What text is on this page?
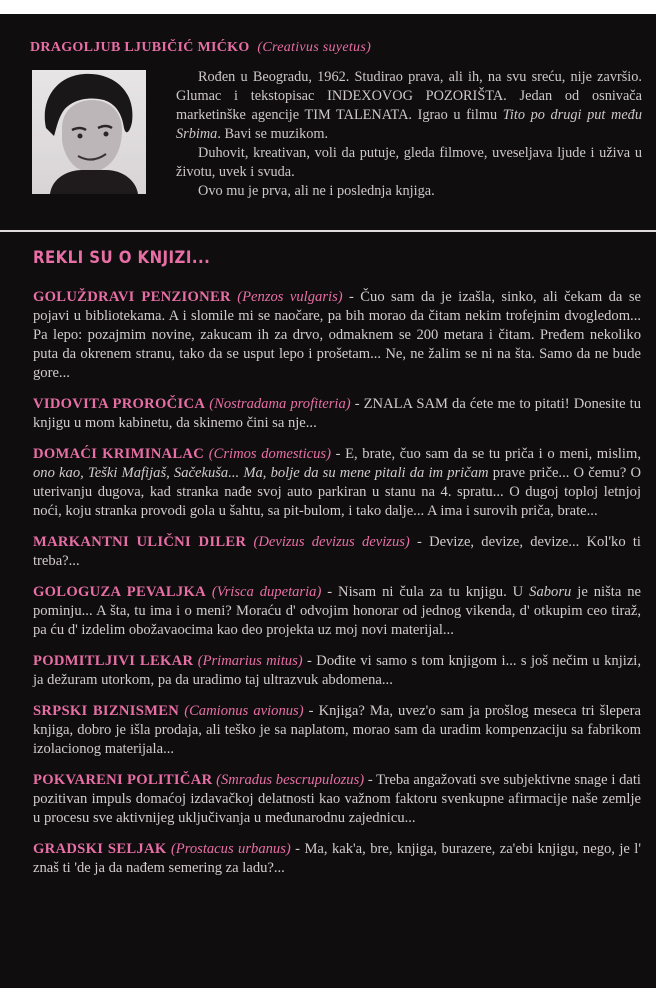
DRAGOLJUB LJUBIČIĆ MIĆKO (Creativus suyetus)

Rođen u Beogradu, 1962. Studirao prava, ali ih, na svu sreću, nije završio. Glumac i tekstopisac INDEXOVOG POZORIŠTA. Jedan od osnivača marketinške agencije TIM TALENATA. Igrao u filmu Tito po drugi put među Srbima. Bavi se muzikom.

Duhovit, kreativan, voli da putuje, gleda filmove, uveseljava ljude i uživa u životu, uvek i svuda.

Ovo mu je prva, ali ne i poslednja knjiga.

REKLI SU O KNJIZI...
GOLUŽDRAVI PENZIONER (Penzos vulgaris) - Čuo sam da je izašla, sinko, ali čekam da se pojavi u bibliotekama. A i slomile mi se naočare, pa bih morao da čitam nekim trofejnim dvogledom... Pa lepo: pozajmim novine, zakucam ih za drvo, odmaknem se 200 metara i čitam. Pređem nekoliko puta da okrenem stranu, tako da se usput lepo i prošetam... Ne, ne žalim se ni na šta. Samo da ne bude gore...
VIDOVITA PROROČICA (Nostradama profiteria) - ZNALA SAM da ćete me to pitati! Donesite tu knjigu u mom kabinetu, da skinemo čini sa nje...
DOMAĆI KRIMINALAC (Crimos domesticus) - E, brate, čuo sam da se tu priča i o meni, mislim, ono kao, Teški Mafijaš, Sačekuša... Ma, bolje da su mene pitali da im pričam prave priče... O čemu? O uterivanju dugova, kad stranka nađe svoj auto parkiran u stanu na 4. spratu... O dugoj toploj letnjoj noći, koju stranka provodi gola u šahtu, sa pit-bulom, i tako dalje... A ima i surovih priča, brate...
MARKANTNI ULIČNI DILER (Devizus devizus devizus) - Devize, devize, devize... Kol'ko ti treba?...
GOLOGUZA PEVALJKA (Vrisca dupetaria) - Nisam ni čula za tu knjigu. U Saboru je ništa ne pominju... A šta, tu ima i o meni? Moraću d' odvojim honorar od jednog vikenda, d' otkupim ceo tiraž, pa ću d' izdelim obožavaocima kao deo projekta uz moj novi materijal...
PODMITLJIVI LEKAR (Primarius mitus) - Dođite vi samo s tom knjigom i... s još nečim u knjizi, ja dežuram utorkom, pa da uradimo taj ultrazvuk abdomena...
SRPSKI BIZNISMEN (Camionus avionus) - Knjiga? Ma, uvez'o sam ja prošlog meseca tri šlepera knjiga, dobro je išla prodaja, ali teško je sa naplatom, morao sam da uradim kompenzaciju sa fabrikom izolacionog materijala...
POKVARENI POLITIČAR (Smradus bescrupulozus) - Treba angažovati sve subjektivne snage i dati pozitivan impuls domaćoj izdavačkoj delatnosti kao važnom faktoru svenkupne afirmacije naše zemlje u procesu sve aktivnijeg uključivanja u međunarodnu zajednicu...
GRADSKI SELJAK (Prostacus urbanus) - Ma, kak'a, bre, knjiga, burazere, za'ebi knjigu, nego, je l' znaš ti 'de ja da nađem semering za ladu?...
